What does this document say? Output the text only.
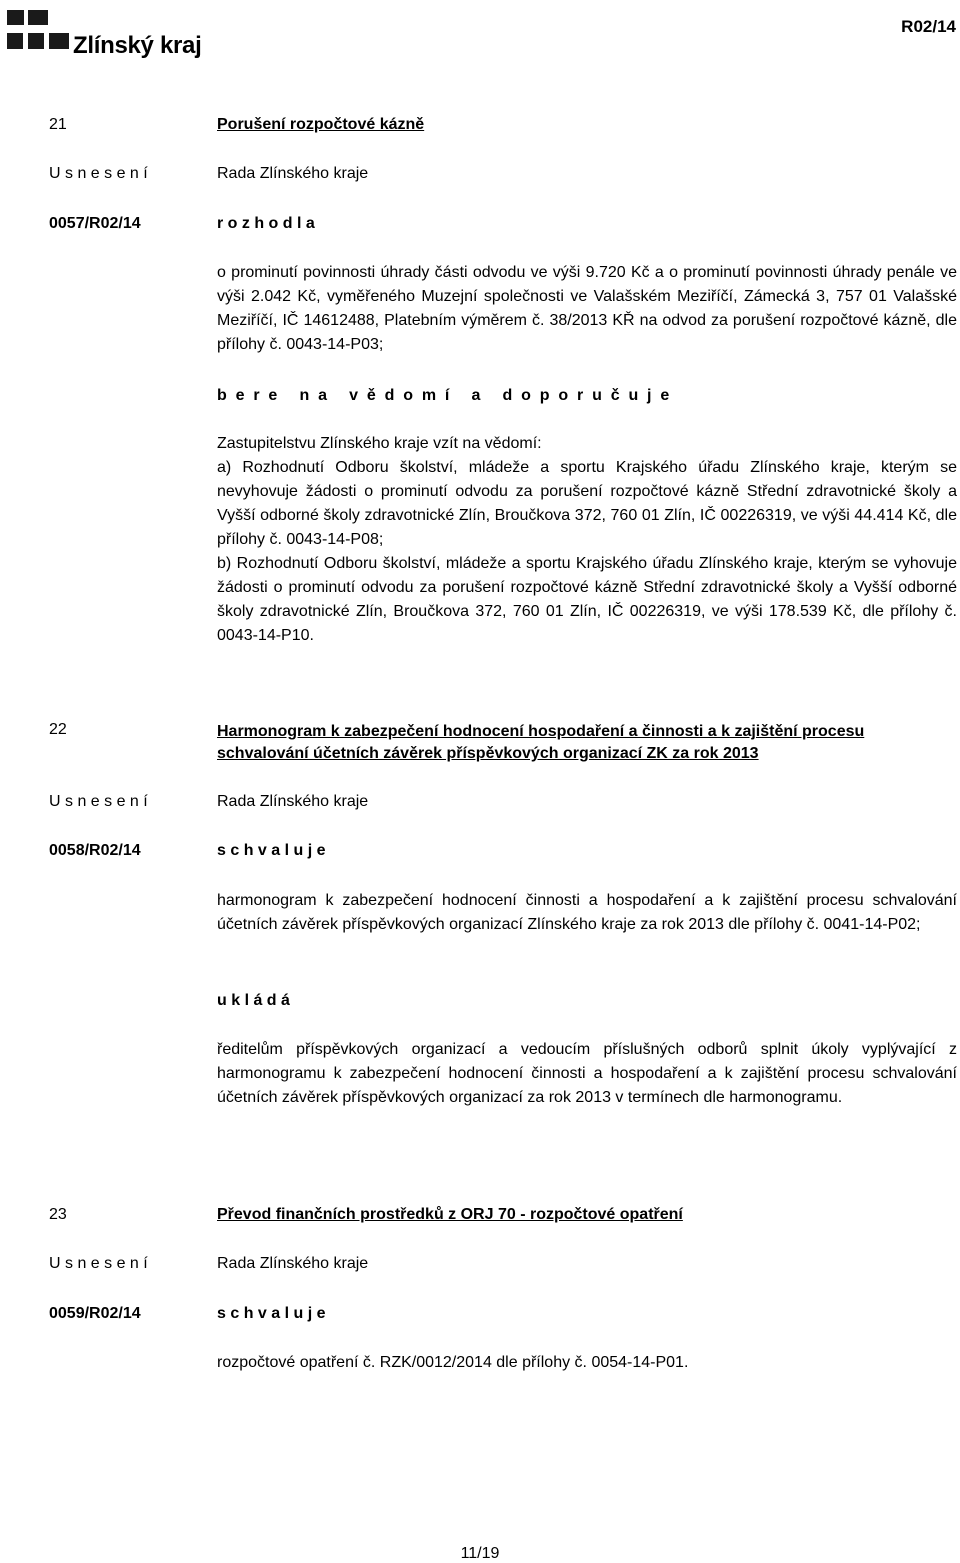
Zlínský kraj
R02/14
21	Porušení rozpočtové kázně
U s n e s e n í	Rada Zlínského kraje
0057/R02/14	r o z h o d l a
o prominutí povinnosti úhrady části odvodu ve výši 9.720 Kč a o prominutí povinnosti úhrady penále ve výši 2.042 Kč, vyměřeného Muzejní společnosti ve Valašském Meziříčí, Zámecká 3, 757 01 Valašské Meziříčí, IČ 14612488, Platebním výměrem č. 38/2013 KŘ na odvod za porušení rozpočtové kázně, dle přílohy č. 0043-14-P03;
b e r e   n a   v ě d o m í   a   d o p o r u č u j e

Zastupitelstvu Zlínského kraje vzít na vědomí:

a) Rozhodnutí Odboru školství, mládeže a sportu Krajského úřadu Zlínského kraje, kterým se nevyhovuje žádosti o prominutí odvodu za porušení rozpočtové kázně Střední zdravotnické školy a Vyšší odborné školy zdravotnické Zlín, Broučkova 372, 760 01 Zlín, IČ 00226319, ve výši 44.414 Kč, dle přílohy č. 0043-14-P08;

b) Rozhodnutí Odboru školství, mládeže a sportu Krajského úřadu Zlínského kraje, kterým se vyhovuje žádosti o prominutí odvodu za porušení rozpočtové kázně Střední zdravotnické školy a Vyšší odborné školy zdravotnické Zlín, Broučkova 372, 760 01 Zlín, IČ 00226319, ve výši 178.539 Kč, dle přílohy č. 0043-14-P10.

22	Harmonogram k zabezpečení hodnocení hospodaření a činnosti a k zajištění procesu schvalování účetních závěrek příspěvkových organizací ZK za rok 2013
U s n e s e n í	Rada Zlínského kraje
0058/R02/14	s c h v a l u j e
harmonogram k zabezpečení hodnocení činnosti a hospodaření a k zajištění procesu schvalování účetních závěrek příspěvkových organizací Zlínského kraje za rok 2013 dle přílohy č. 0041-14-P02;
u k l á d á
ředitelům příspěvkových organizací a vedoucím příslušných odborů splnit úkoly vyplývající z harmonogramu k zabezpečení hodnocení činnosti a hospodaření a k zajištění procesu schvalování účetních závěrek příspěvkových organizací za rok 2013 v termínech dle harmonogramu.
23	Převod finančních prostředků z ORJ 70 - rozpočtové opatření
U s n e s e n í	Rada Zlínského kraje
0059/R02/14	s c h v a l u j e
rozpočtové opatření č. RZK/0012/2014 dle přílohy č. 0054-14-P01.
11/19
